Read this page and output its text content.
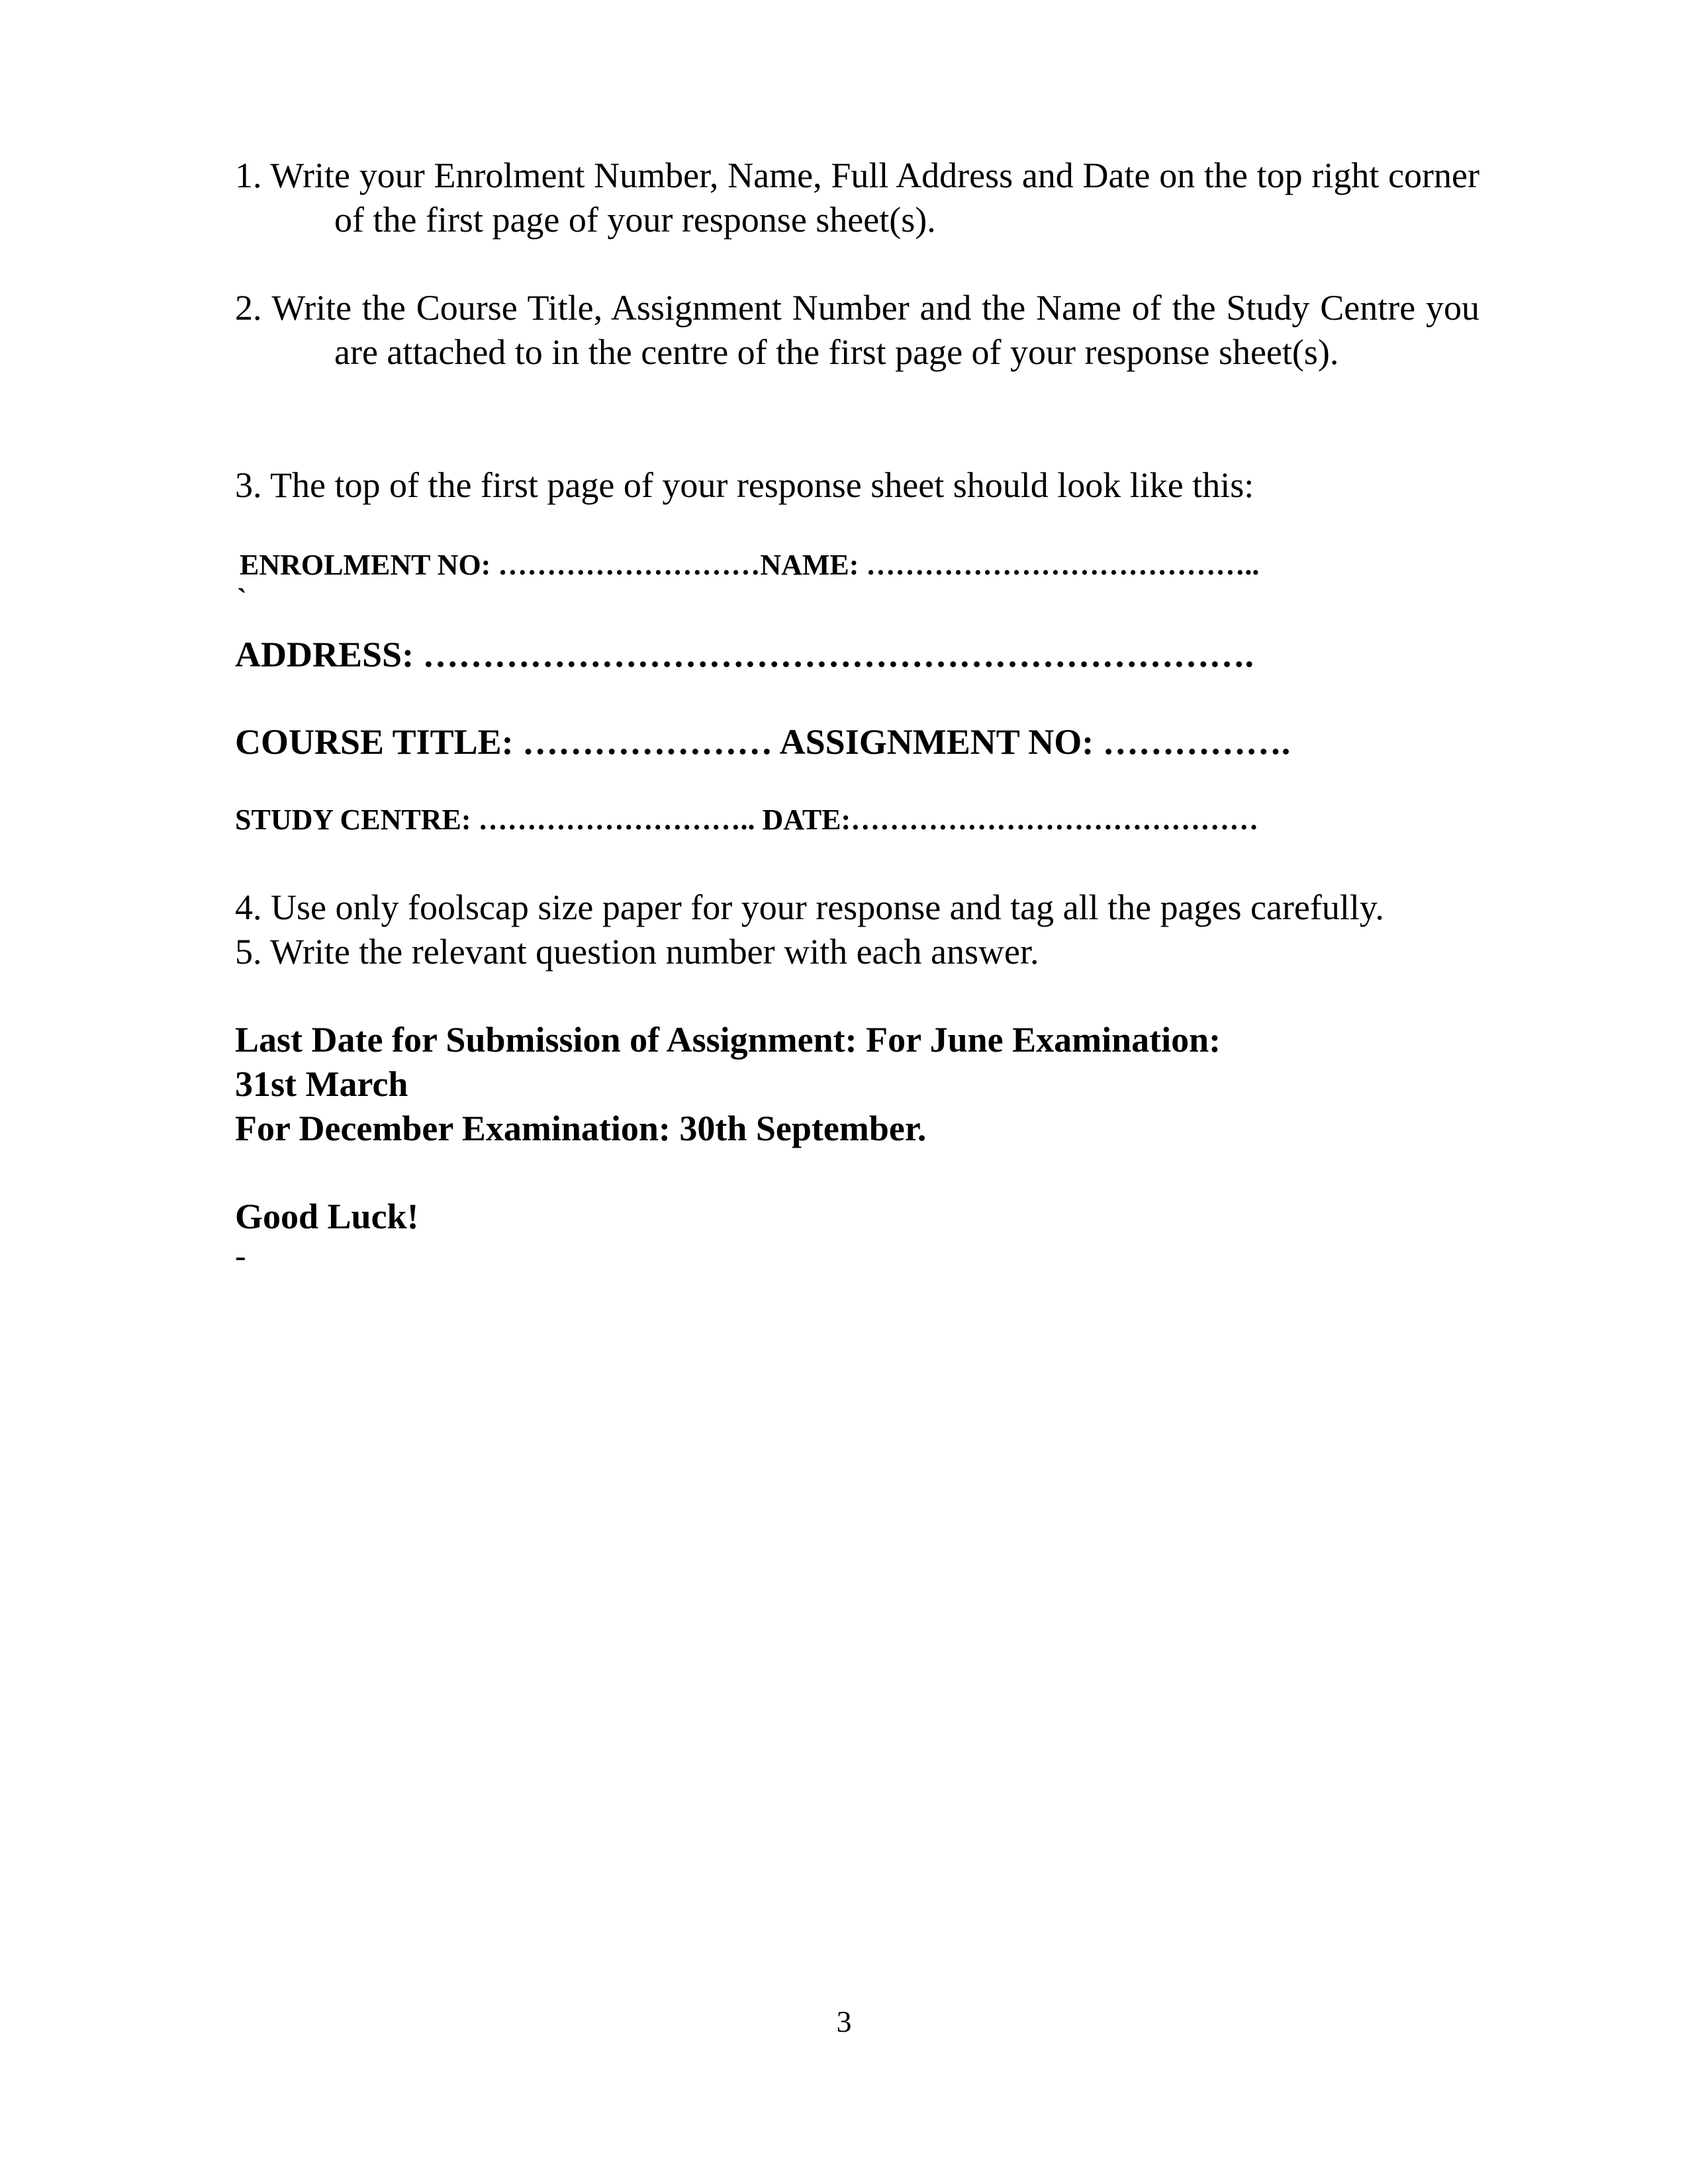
1. Write your Enrolment Number, Name, Full Address and Date on the top right corner of the first page of your response sheet(s).

2. Write the Course Title, Assignment Number and the Name of the Study Centre you are attached to in the centre of the first page of your response sheet(s).

3. The top of the first page of your response sheet should look like this:

ENROLMENT NO: ………………………NAME: …………………………………..
`
ADDRESS: …………………………………………………………….
COURSE TITLE: ………………… ASSIGNMENT NO: …………….
STUDY CENTRE: ……………………….. DATE:……………………………………

4. Use only foolscap size paper for your response and tag all the pages carefully.

5. Write the relevant question number with each answer.

Last Date for Submission of Assignment: For June Examination:
31st March
For December Examination: 30th September.
Good Luck!
-
3
